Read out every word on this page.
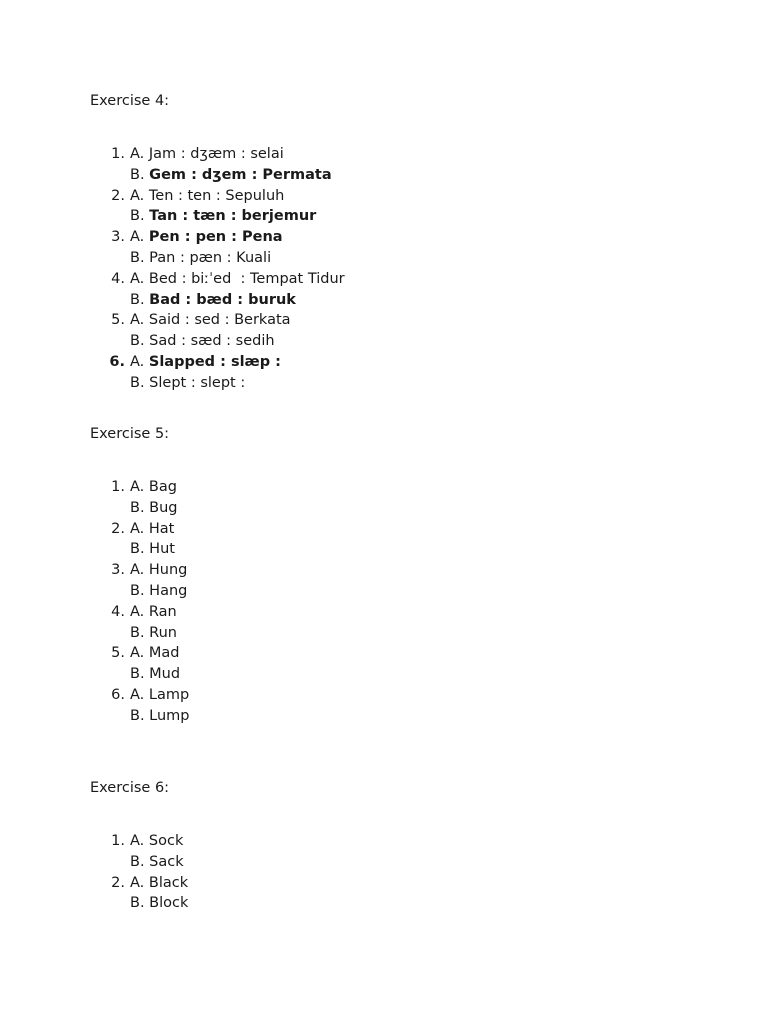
Exercise 4:
1. A. Jam : dʒæm : selai
B. Gem : dʒem : Permata
2. A. Ten : ten : Sepuluh
B. Tan : tæn : berjemur
3. A. Pen : pen : Pena
B. Pan : pæn : Kuali
4. A. Bed : biːˈed  : Tempat Tidur
B. Bad : bæd : buruk
5. A. Said : sed : Berkata
B. Sad : sæd : sedih
6. A. Slapped : slæp :
B. Slept : slept :
Exercise 5:
1. A. Bag
B. Bug
2. A. Hat
B. Hut
3. A. Hung
B. Hang
4. A. Ran
B. Run
5. A. Mad
B. Mud
6. A. Lamp
B. Lump
Exercise 6:
1. A. Sock
B. Sack
2. A. Black
B. Block
